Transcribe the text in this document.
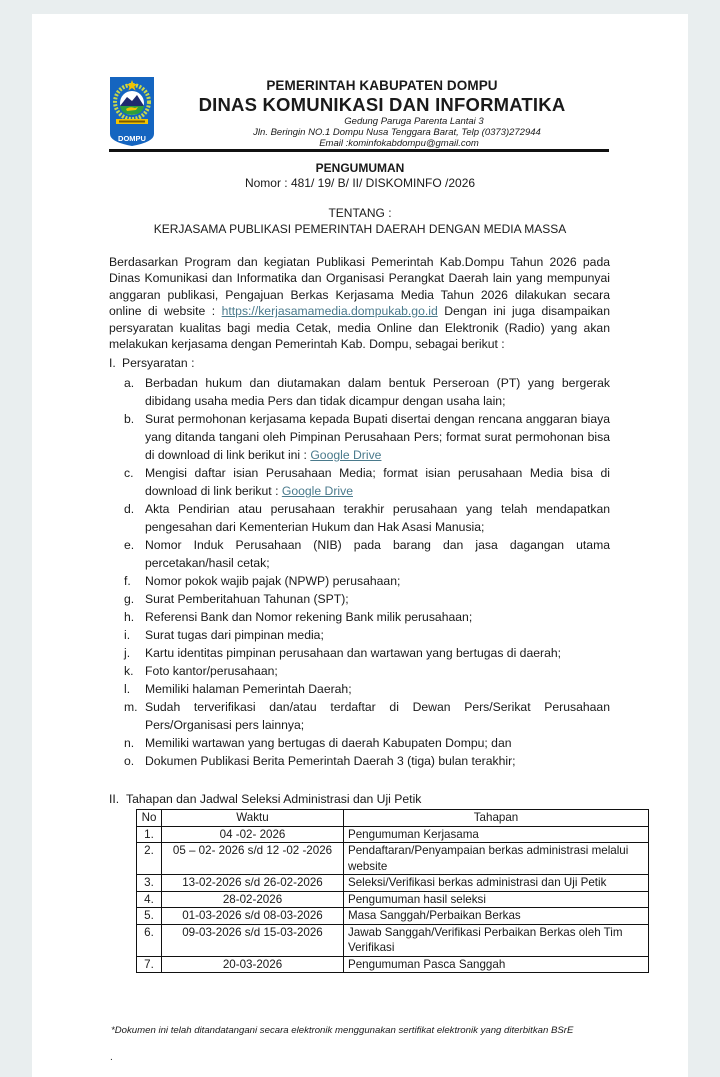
DOMPU
PEMERINTAH KABUPATEN DOMPU
DINAS KOMUNIKASI DAN INFORMATIKA
Gedung Paruga Parenta Lantai 3
Jln. Beringin NO.1 Dompu Nusa Tenggara Barat, Telp (0373)272944
Email :kominfokabdompu@gmail.com
PENGUMUMAN
Nomor : 481/ 19/ B/ II/ DISKOMINFO /2026
TENTANG :
KERJASAMA PUBLIKASI PEMERINTAH DAERAH DENGAN MEDIA MASSA

Berdasarkan Program dan kegiatan Publikasi Pemerintah Kab.Dompu Tahun 2026 pada Dinas Komunikasi dan Informatika dan Organisasi Perangkat Daerah lain yang mempunyai anggaran publikasi, Pengajuan Berkas Kerjasama Media Tahun 2026 dilakukan secara online di website : https://kerjasamamedia.dompukab.go.id Dengan ini juga disampaikan persyaratan kualitas bagi media Cetak, media Online dan Elektronik (Radio) yang akan melakukan kerjasama dengan Pemerintah Kab. Dompu, sebagai berikut :

I. Persyaratan :
a. Berbadan hukum dan diutamakan dalam bentuk Perseroan (PT) yang bergerak dibidang usaha media Pers dan tidak dicampur dengan usaha lain;
b. Surat permohonan kerjasama kepada Bupati disertai dengan rencana anggaran biaya yang ditanda tangani oleh Pimpinan Perusahaan Pers; format surat permohonan bisa di download di link berikut ini : Google Drive
c. Mengisi daftar isian Perusahaan Media; format isian perusahaan Media bisa di download di link berikut : Google Drive
d. Akta Pendirian atau perusahaan terakhir perusahaan yang telah mendapatkan pengesahan dari Kementerian Hukum dan Hak Asasi Manusia;
e. Nomor Induk Perusahaan (NIB) pada barang dan jasa dagangan utama percetakan/hasil cetak;
f.	Nomor pokok wajib pajak (NPWP) perusahaan;
g. Surat Pemberitahuan Tahunan (SPT);
h. Referensi Bank dan Nomor rekening Bank milik perusahaan;
i.	Surat tugas dari pimpinan media;
j.	Kartu identitas pimpinan perusahaan dan wartawan yang bertugas di daerah;
k. Foto kantor/perusahaan;
l.	Memiliki halaman Pemerintah Daerah;
m. Sudah terverifikasi dan/atau terdaftar di Dewan Pers/Serikat Perusahaan Pers/Organisasi pers lainnya;
n. Memiliki wartawan yang bertugas di daerah Kabupaten Dompu; dan
o. Dokumen Publikasi Berita Pemerintah Daerah 3 (tiga) bulan terakhir;
II. Tahapan dan Jadwal Seleksi Administrasi dan Uji Petik
No	Waktu	Tahapan
1.	04 -02- 2026	Pengumuman Kerjasama
2.	05 – 02- 2026 s/d 12 -02 -2026	Pendaftaran/Penyampaian berkas administrasi melalui website
3.	13-02-2026 s/d 26-02-2026	Seleksi/Verifikasi berkas administrasi dan Uji Petik
4.	28-02-2026	Pengumuman hasil seleksi
5.	01-03-2026 s/d 08-03-2026	Masa Sanggah/Perbaikan Berkas
6.	09-03-2026 s/d 15-03-2026	Jawab Sanggah/Verifikasi Perbaikan Berkas oleh Tim Verifikasi
7.	20-03-2026	Pengumuman Pasca Sanggah
*Dokumen ini telah ditandatangani secara elektronik menggunakan sertifikat elektronik yang diterbitkan BSrE
.
